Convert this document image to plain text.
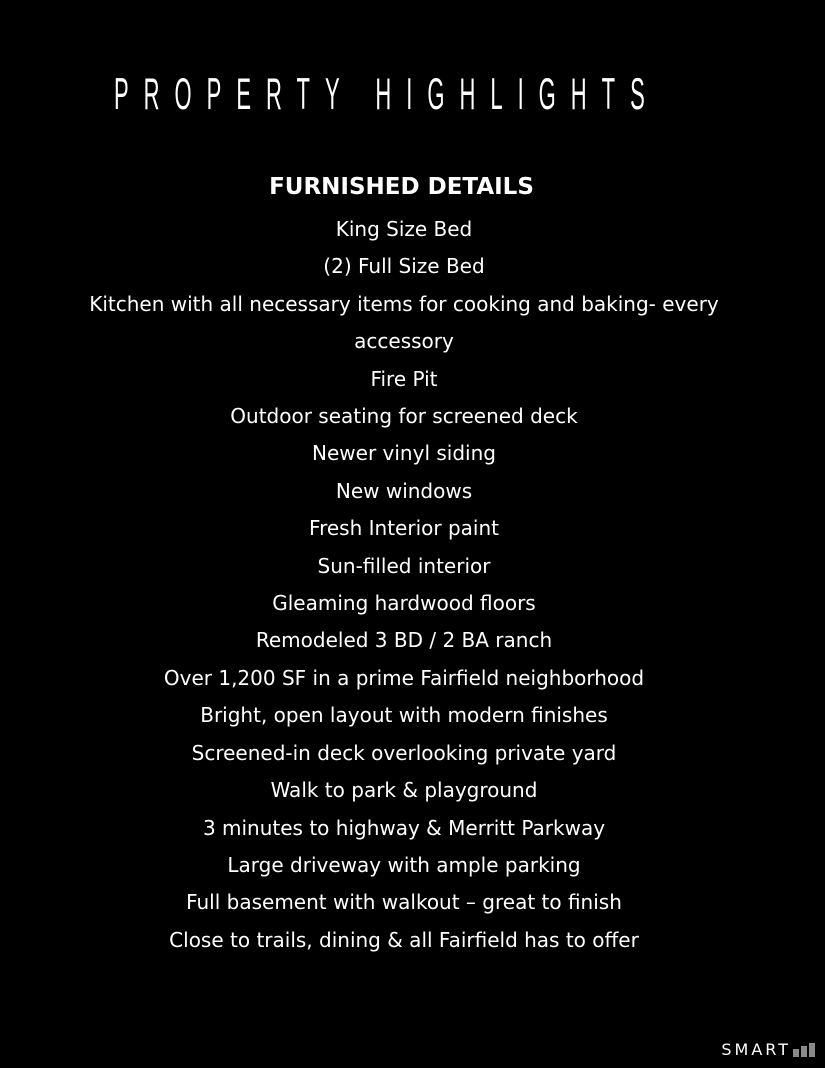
PROPERTY HIGHLIGHTS
FURNISHED DETAILS
King Size Bed
(2) Full Size Bed
Kitchen with all necessary items for cooking and baking- every accessory
Fire Pit
Outdoor seating for screened deck
Newer vinyl siding
New windows
Fresh Interior paint
Sun-filled interior
Gleaming hardwood floors
Remodeled 3 BD / 2 BA ranch
Over 1,200 SF in a prime Fairfield neighborhood
Bright, open layout with modern finishes
Screened-in deck overlooking private yard
Walk to park & playground
3 minutes to highway & Merritt Parkway
Large driveway with ample parking
Full basement with walkout – great to finish
Close to trails, dining & all Fairfield has to offer
SMART
